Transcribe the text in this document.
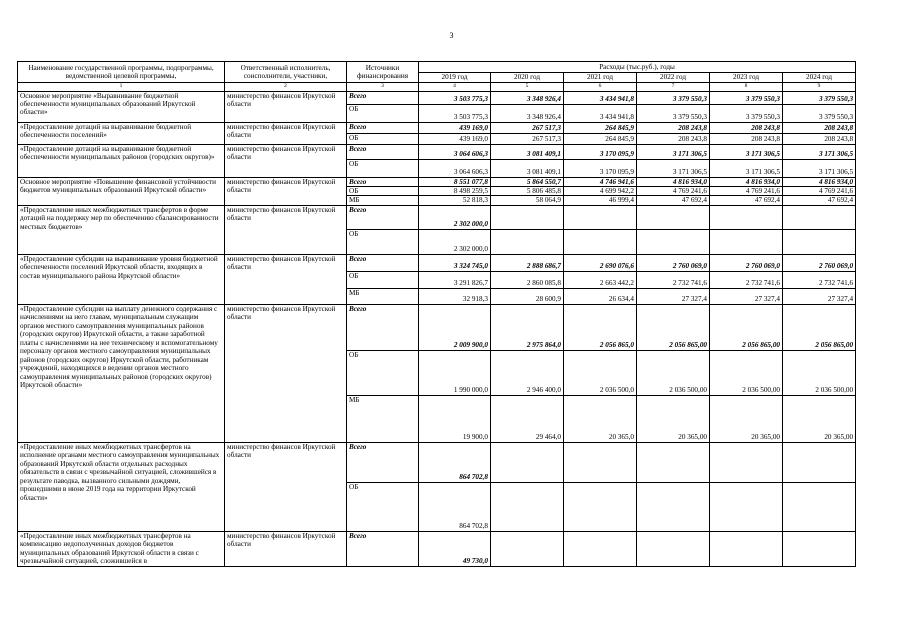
3
Наименование государственной программы, подпрограммы, ведомственной целевой программы,	Ответственный исполнитель, соисполнители, участники,	Источники финансирования	Расходы (тыс.руб.), годы					
			2019 год	2020 год	2021 год	2022 год	2023 год	2024 год
1	2	3	4	5	6	7	8	9
Основное мероприятие «Выравнивание бюджетной обеспеченности муниципальных образований Иркутской области»	министерство финансов Иркутской области	Всего	3 503 775,3	3 348 926,4	3 434 941,8	3 379 550,3	3 379 550,3	3 379 550,3
		ОБ	3 503 775,3	3 348 926,4	3 434 941,8	3 379 550,3	3 379 550,3	3 379 550,3
«Предоставление дотаций на выравнивание бюджетной обеспеченности поселений»	министерство финансов Иркутской области	Всего	439 169,0	267 517,3	264 845,9	208 243,8	208 243,8	208 243,8
		ОБ	439 169,0	267 517,3	264 845,9	208 243,8	208 243,8	208 243,8
«Предоставление дотаций на выравнивание бюджетной обеспеченности муниципальных районов (городских округов)»	министерство финансов Иркутской области	Всего	3 064 606,3	3 081 409,1	3 170 095,9	3 171 306,5	3 171 306,5	3 171 306,5
		ОБ	3 064 606,3	3 081 409,1	3 170 095,9	3 171 306,5	3 171 306,5	3 171 306,5
Основное мероприятие «Повышение финансовой устойчивости бюджетов муниципальных образований Иркутской области»	министерство финансов Иркутской области	Всего	8 551 077,8	5 864 550,7	4 746 941,6	4 816 934,0	4 816 934,0	4 816 934,0
		ОБ	8 498 259,5	5 806 485,8	4 699 942,2	4 769 241,6	4 769 241,6	4 769 241,6
		МБ	52 818,3	58 064,9	46 999,4	47 692,4	47 692,4	47 692,4
«Предоставление иных межбюджетных трансфертов в форме дотаций на поддержку мер по обеспечению сбалансированности местных бюджетов»	министерство финансов Иркутской области	Всего	2 302 000,0					
		ОБ	2 302 000,0					
«Предоставление субсидии на выравнивание уровня бюджетной обеспеченности поселений Иркутской области, входящих в состав муниципального района Иркутской области»	министерство финансов Иркутской области	Всего	3 324 745,0	2 888 686,7	2 690 076,6	2 760 069,0	2 760 069,0	2 760 069,0
		ОБ	3 291 826,7	2 860 085,8	2 663 442,2	2 732 741,6	2 732 741,6	2 732 741,6
		МБ	32 918,3	28 600,9	26 634,4	27 327,4	27 327,4	27 327,4
«Предоставление субсидии на выплату денежного содержания с начислениями на него главам, муниципальным служащим органов местного самоуправления муниципальных районов (городских округов) Иркутской области, а также заработной платы с начислениями на нее техническому и вспомогательному персоналу органов местного самоуправления муниципальных районов (городских округов) Иркутской области, работникам учреждений, находящихся в ведении органов местного самоуправления муниципальных районов (городских округов) Иркутской области»	министерство финансов Иркутской области	Всего	2 009 900,0	2 975 864,0	2 056 865,0	2 056 865,00	2 056 865,00	2 056 865,00
		ОБ	1 990 000,0	2 946 400,0	2 036 500,0	2 036 500,00	2 036 500,00	2 036 500,00
		МБ	19 900,0	29 464,0	20 365,0	20 365,00	20 365,00	20 365,00
«Предоставление иных межбюджетных трансфертов на исполнение органами местного самоуправления муниципальных образований Иркутской области отдельных расходных обязательств в связи с чрезвычайной ситуацией, сложившейся в результате паводка, вызванного сильными дождями, прошедшими в июне 2019 года на территории Иркутской области»	министерство финансов Иркутской области	Всего	864 702,8					
		ОБ	864 702,8					
«Предоставление иных межбюджетных трансфертов на компенсацию недополученных доходов бюджетов муниципальных образований Иркутской области в связи с чрезвычайной ситуацией, сложившейся в	министерство финансов Иркутской области	Всего	49 730,0					
